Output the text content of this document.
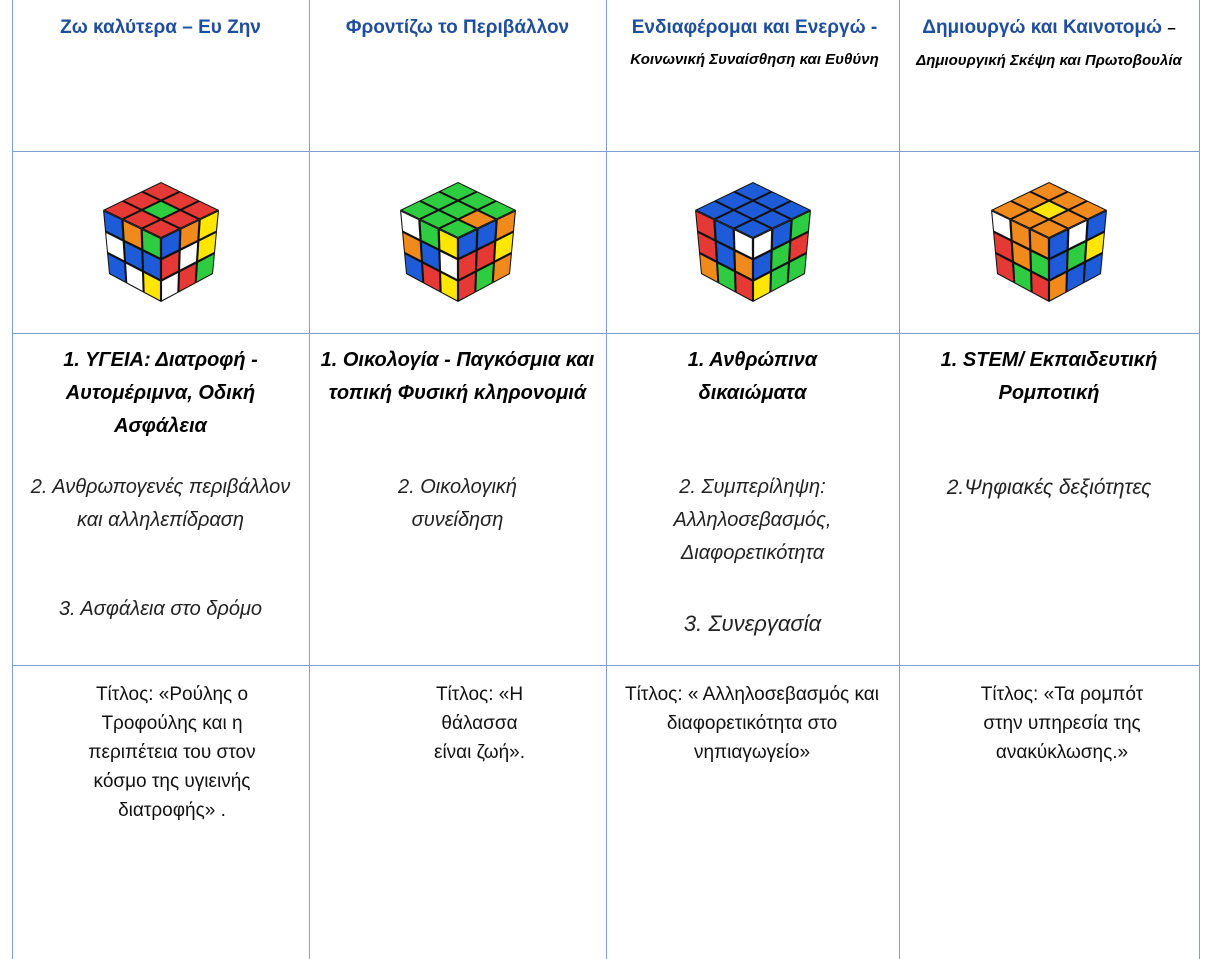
Ζω καλύτερα – Ευ Ζην
1. ΥΓΕΙΑ: Διατροφή - Αυτομέριμνα, Οδική Ασφάλεια
2. Ανθρωπογενές περιβάλλον και αλληλεπίδραση
3. Ασφάλεια στο δρόμο
Τίτλος: «Ρούλης ο Τροφούλης και η περιπέτεια του στον κόσμο της υγιεινής διατροφής» .
Φροντίζω το Περιβάλλον
1. Οικολογία - Παγκόσμια και τοπική Φυσική κληρονομιά
2. Οικολογική συνείδηση
Τίτλος: «Η θάλασσα είναι ζωή».
Ενδιαφέρομαι και Ενεργώ - Κοινωνική Συναίσθηση και Ευθύνη
1. Ανθρώπινα δικαιώματα
2. Συμπερίληψη: Αλληλοσεβασμός, Διαφορετικότητα
3. Συνεργασία
Τίτλος: « Αλληλοσεβασμός και διαφορετικότητα στο νηπιαγωγείο»
Δημιουργώ και Καινοτομώ – Δημιουργική Σκέψη και Πρωτοβουλία
1. STEM/ Εκπαιδευτική Ρομποτική
2.Ψηφιακές δεξιότητες
Τίτλος: «Τα ρομπότ στην υπηρεσία της ανακύκλωσης.»
